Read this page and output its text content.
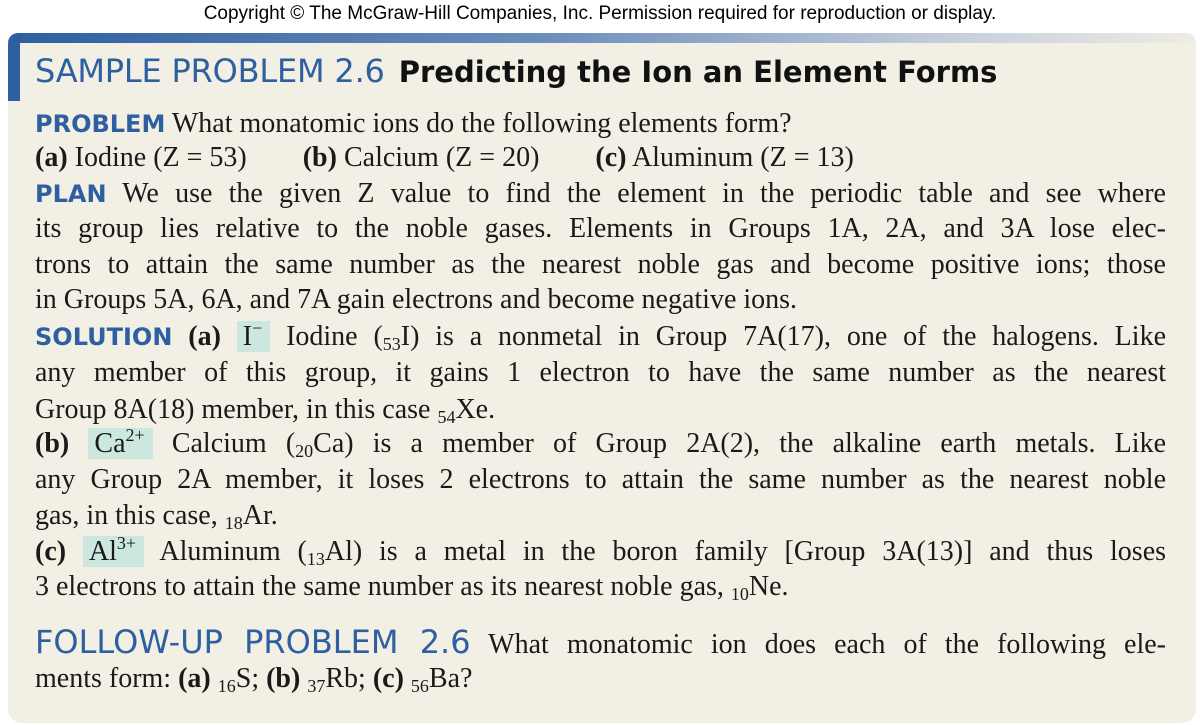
Copyright © The McGraw-Hill Companies, Inc. Permission required for reproduction or display.
SAMPLE PROBLEM 2.6 Predicting the Ion an Element Forms
PROBLEM What monatomic ions do the following elements form?
(a) Iodine (Z = 53) (b) Calcium (Z = 20) (c) Aluminum (Z = 13)
PLAN We use the given Z value to find the element in the periodic table and see where
its group lies relative to the noble gases. Elements in Groups 1A, 2A, and 3A lose elec-
trons to attain the same number as the nearest noble gas and become positive ions; those
in Groups 5A, 6A, and 7A gain electrons and become negative ions.
SOLUTION (a) I− Iodine $(_{53}I)$ is a nonmetal in Group 7A(17), one of the halogens. Like
any member of this group, it gains 1 electron to have the same number as the nearest
Group 8A(18) member, in this case $_{54}$Xe.
(b) $Ca^{2+}$ Calcium $(_{20}Ca)$ is a member of Group 2A(2), the alkaline earth metals. Like
any Group 2A member, it loses 2 electrons to attain the same number as the nearest noble
gas, in this case, $_{18}$Ar.
(c) $Al^{3+}$ Aluminum $(_{13}Al)$ is a metal in the boron family [Group 3A(13)] and thus loses
3 electrons to attain the same number as its nearest noble gas, $_{10}$Ne.
FOLLOW-UP PROBLEM 2.6 What monatomic ion does each of the following ele-
ments form: (a) $_{16}$S; (b) $_{37}$Rb; (c) $_{56}$Ba?
